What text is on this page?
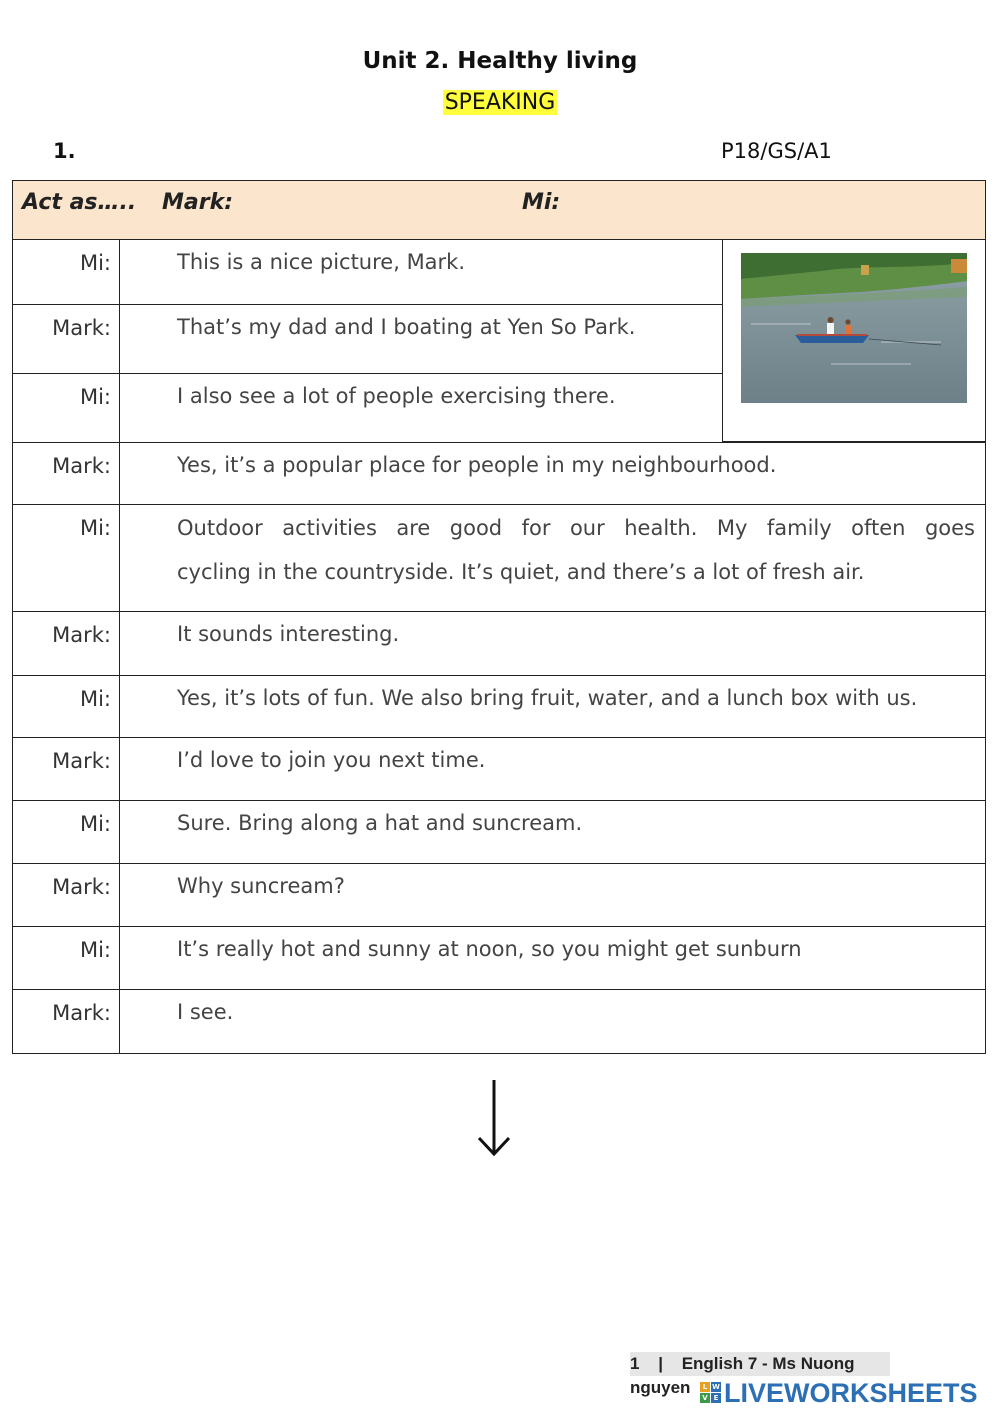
Unit 2. Healthy living
SPEAKING
1.	P18/GS/A1
Act as….. Mark:	Mi:
Mi:	This is a nice picture, Mark.
Mark:	That’s my dad and I boating at Yen So Park.
Mi:	I also see a lot of people exercising there.
Mark:	Yes, it’s a popular place for people in my neighbourhood.
Mi:	Outdoor activities are good for our health. My family often goes
cycling in the countryside. It’s quiet, and there’s a lot of fresh air.
Mark:	It sounds interesting.
Mi:	Yes, it’s lots of fun. We also bring fruit, water, and a lunch box with us.
Mark:	I’d love to join you next time.
Mi:	Sure. Bring along a hat and suncream.
Mark:	Why suncream?
Mi:	It’s really hot and sunny at noon, so you might get sunburn
Mark:	I see.
1 | English 7 - Ms Nuong nguyen	L W
V E LIVEWORKSHEETS
